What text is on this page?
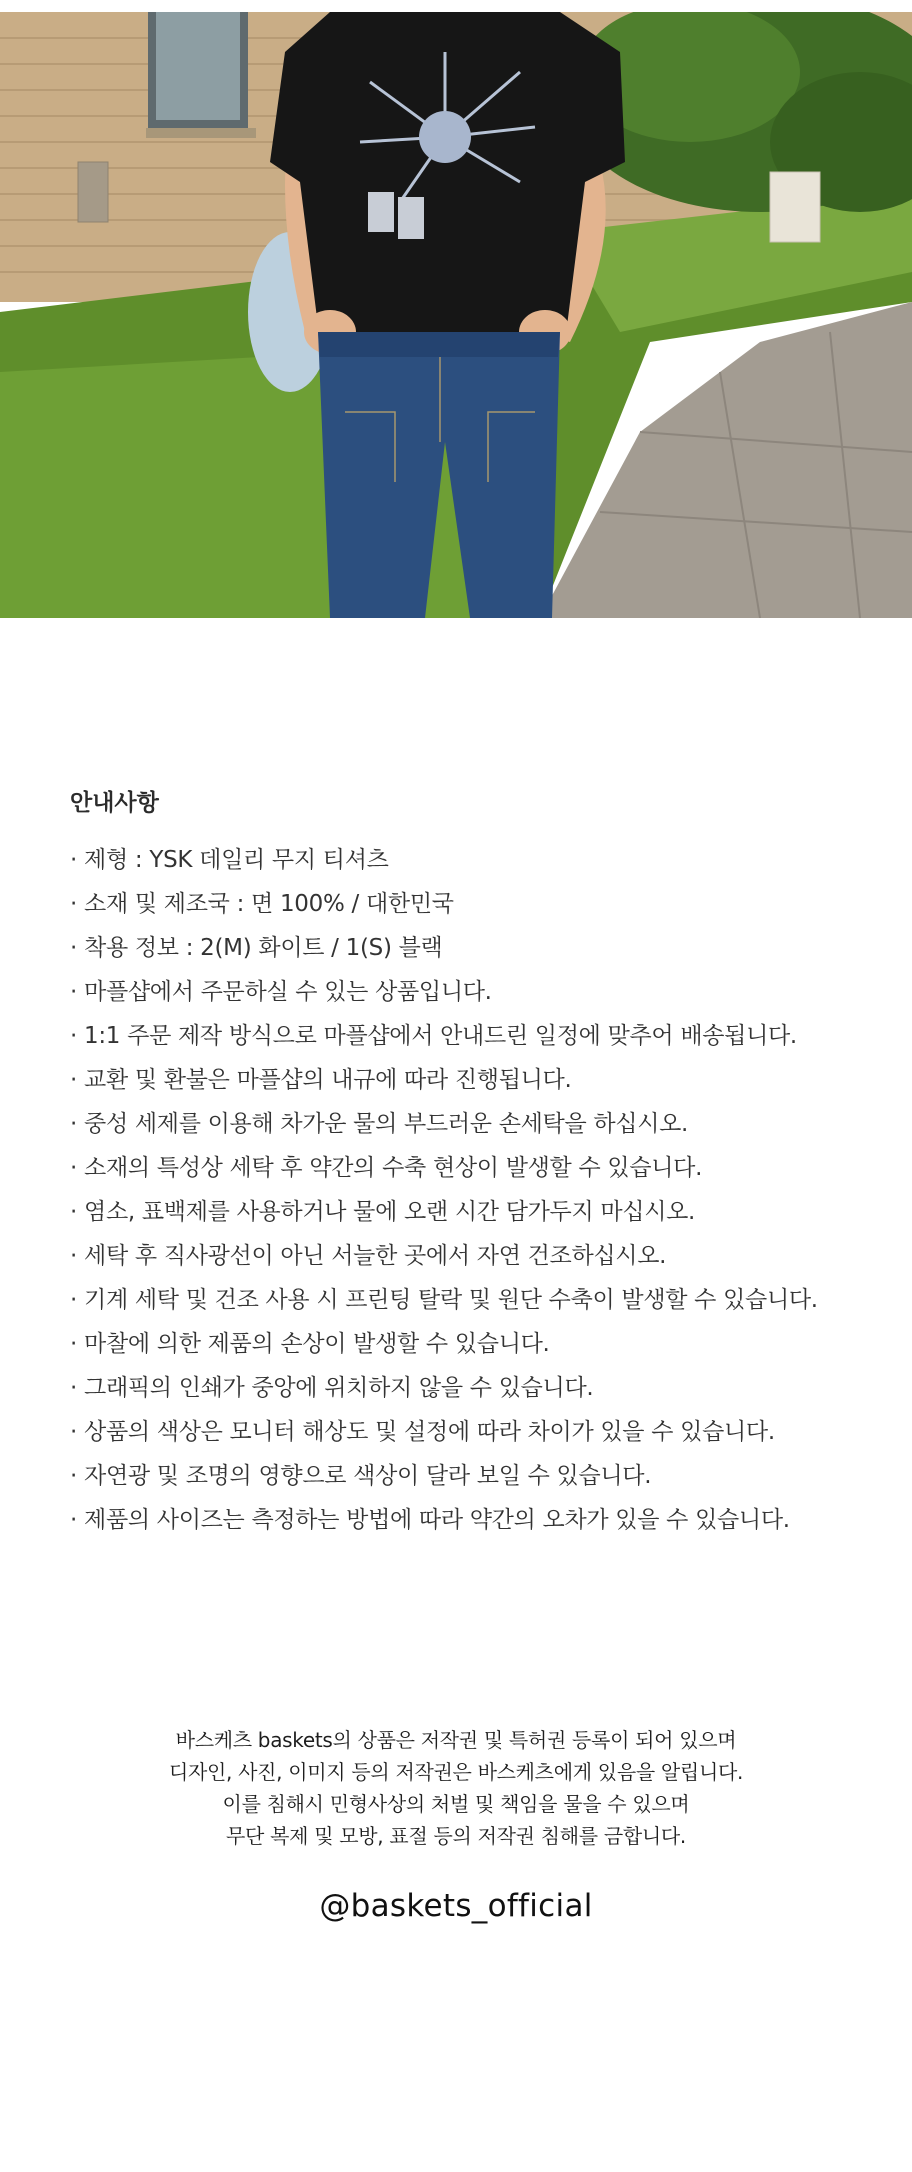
안내사항
· 제형 : YSK 데일리 무지 티셔츠
· 소재 및 제조국 : 면 100% / 대한민국
· 착용 정보 : 2(M) 화이트 / 1(S) 블랙
· 마플샵에서 주문하실 수 있는 상품입니다.
· 1:1 주문 제작 방식으로 마플샵에서 안내드린 일정에 맞추어 배송됩니다.
· 교환 및 환불은 마플샵의 내규에 따라 진행됩니다.
· 중성 세제를 이용해 차가운 물의 부드러운 손세탁을 하십시오.
· 소재의 특성상 세탁 후 약간의 수축 현상이 발생할 수 있습니다.
· 염소, 표백제를 사용하거나 물에 오랜 시간 담가두지 마십시오.
· 세탁 후 직사광선이 아닌 서늘한 곳에서 자연 건조하십시오.
· 기계 세탁 및 건조 사용 시 프린팅 탈락 및 원단 수축이 발생할 수 있습니다.
· 마찰에 의한 제품의 손상이 발생할 수 있습니다.
· 그래픽의 인쇄가 중앙에 위치하지 않을 수 있습니다.
· 상품의 색상은 모니터 해상도 및 설정에 따라 차이가 있을 수 있습니다.
· 자연광 및 조명의 영향으로 색상이 달라 보일 수 있습니다.
· 제품의 사이즈는 측정하는 방법에 따라 약간의 오차가 있을 수 있습니다.
바스케츠 baskets의 상품은 저작권 및 특허권 등록이 되어 있으며
디자인, 사진, 이미지 등의 저작권은 바스케츠에게 있음을 알립니다.
이를 침해시 민형사상의 처벌 및 책임을 물을 수 있으며
무단 복제 및 모방, 표절 등의 저작권 침해를 금합니다.
@baskets_official
